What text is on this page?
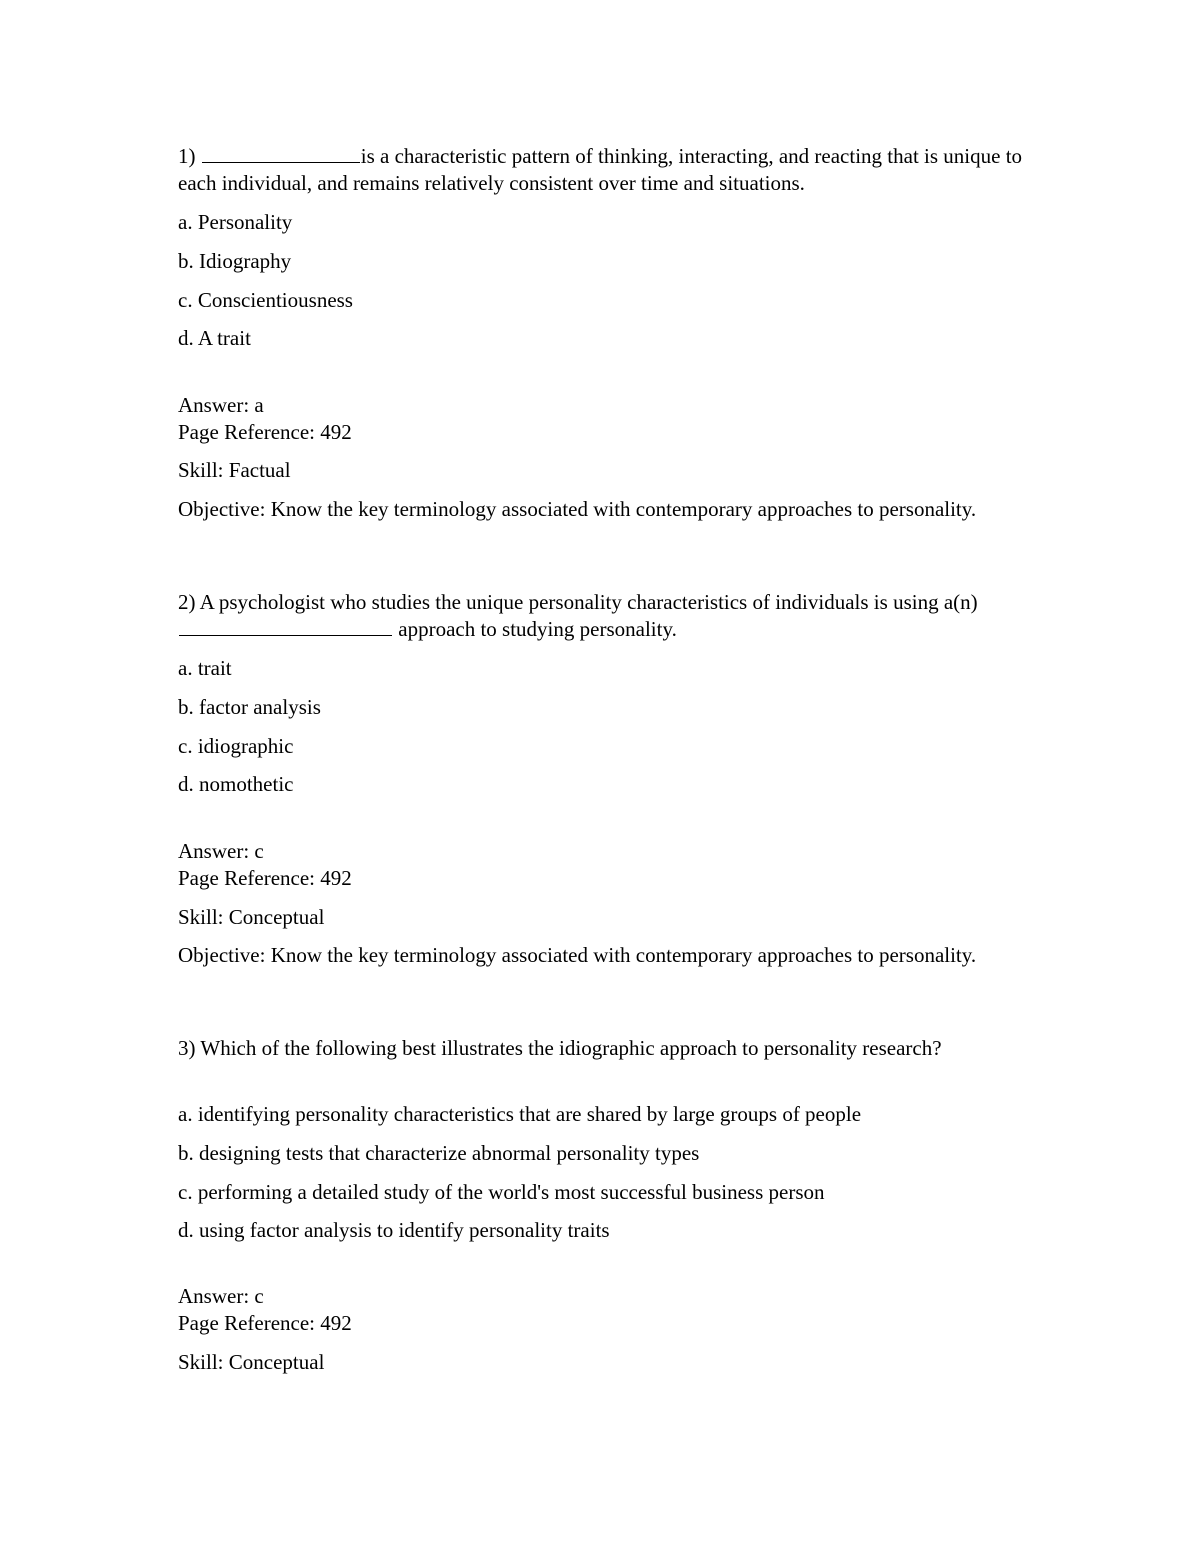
1)	is a characteristic pattern of thinking, interacting, and reacting that is unique to each individual, and remains relatively consistent over time and situations.
a. Personality
b. Idiography
c. Conscientiousness
d. A trait
Answer: a
Page Reference: 492
Skill: Factual
Objective: Know the key terminology associated with contemporary approaches to personality.
2) A psychologist who studies the unique personality characteristics of individuals is using a(n)  approach to studying personality.
a. trait
b. factor analysis
c. idiographic
d. nomothetic
Answer: c
Page Reference: 492
Skill: Conceptual
Objective: Know the key terminology associated with contemporary approaches to personality.
3) Which of the following best illustrates the idiographic approach to personality research?
a. identifying personality characteristics that are shared by large groups of people
b. designing tests that characterize abnormal personality types
c. performing a detailed study of the world's most successful business person
d. using factor analysis to identify personality traits
Answer: c
Page Reference: 492
Skill: Conceptual
